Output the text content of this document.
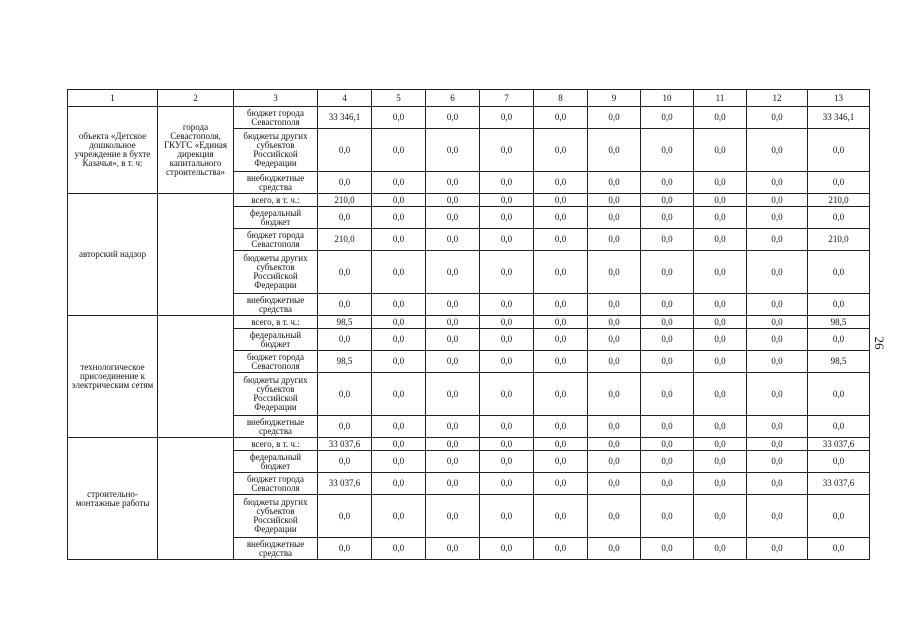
1	2	3	4	5	6	7	8	9	10	11	12	13
объекта «Детское дошкольное учреждение в бухте Казачья», в т. ч:	города Севастополя, ГКУГС «Единая дирекция капитального строительства»	бюджет города Севастополя	33 346,1	0,0	0,0	0,0	0,0	0,0	0,0	0,0	0,0	33 346,1
		бюджеты других субъектов Российской Федерации	0,0	0,0	0,0	0,0	0,0	0,0	0,0	0,0	0,0	0,0
		внебюджетные средства	0,0	0,0	0,0	0,0	0,0	0,0	0,0	0,0	0,0	0,0
авторский надзор		всего, в т. ч.:	210,0	0,0	0,0	0,0	0,0	0,0	0,0	0,0	0,0	210,0
		федеральный бюджет	0,0	0,0	0,0	0,0	0,0	0,0	0,0	0,0	0,0	0,0
		бюджет города Севастополя	210,0	0,0	0,0	0,0	0,0	0,0	0,0	0,0	0,0	210,0
		бюджеты других субъектов Российской Федерации	0,0	0,0	0,0	0,0	0,0	0,0	0,0	0,0	0,0	0,0
		внебюджетные средства	0,0	0,0	0,0	0,0	0,0	0,0	0,0	0,0	0,0	0,0
технологическое присоединение к электрическим сетям		всего, в т. ч.:	98,5	0,0	0,0	0,0	0,0	0,0	0,0	0,0	0,0	98,5
		федеральный бюджет	0,0	0,0	0,0	0,0	0,0	0,0	0,0	0,0	0,0	0,0
		бюджет города Севастополя	98,5	0,0	0,0	0,0	0,0	0,0	0,0	0,0	0,0	98,5
		бюджеты других субъектов Российской Федерации	0,0	0,0	0,0	0,0	0,0	0,0	0,0	0,0	0,0	0,0
		внебюджетные средства	0,0	0,0	0,0	0,0	0,0	0,0	0,0	0,0	0,0	0,0
строительно-монтажные работы		всего, в т. ч.:	33 037,6	0,0	0,0	0,0	0,0	0,0	0,0	0,0	0,0	33 037,6
		федеральный бюджет	0,0	0,0	0,0	0,0	0,0	0,0	0,0	0,0	0,0	0,0
		бюджет города Севастополя	33 037,6	0,0	0,0	0,0	0,0	0,0	0,0	0,0	0,0	33 037,6
		бюджеты других субъектов Российской Федерации	0,0	0,0	0,0	0,0	0,0	0,0	0,0	0,0	0,0	0,0
		внебюджетные средства	0,0	0,0	0,0	0,0	0,0	0,0	0,0	0,0	0,0	0,0
26
